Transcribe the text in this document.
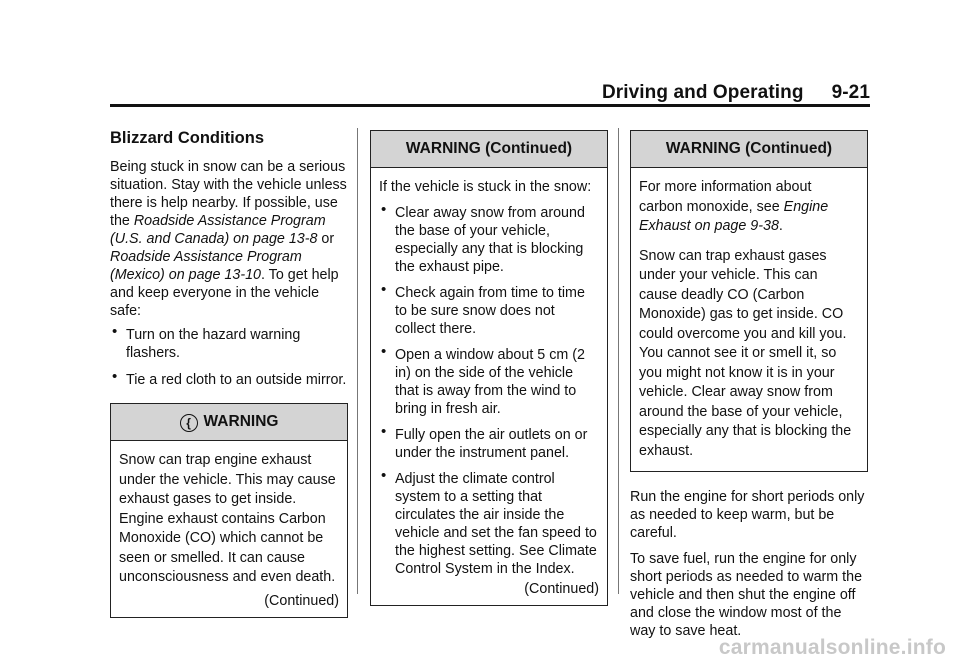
Driving and Operating 9-21
Blizzard Conditions

Being stuck in snow can be a serious situation. Stay with the vehicle unless there is help nearby. If possible, use the Roadside Assistance Program (U.S. and Canada) on page 13-8 or Roadside Assistance Program (Mexico) on page 13-10. To get help and keep everyone in the vehicle safe:

• Turn on the hazard warning flashers.
• Tie a red cloth to an outside mirror.
{ WARNING
Snow can trap engine exhaust under the vehicle. This may cause exhaust gases to get inside. Engine exhaust contains Carbon Monoxide (CO) which cannot be seen or smelled. It can cause unconsciousness and even death.
(Continued)
WARNING (Continued)
If the vehicle is stuck in the snow:
• Clear away snow from around the base of your vehicle, especially any that is blocking the exhaust pipe.
• Check again from time to time to be sure snow does not collect there.
• Open a window about 5 cm (2 in) on the side of the vehicle that is away from the wind to bring in fresh air.
• Fully open the air outlets on or under the instrument panel.
• Adjust the climate control system to a setting that circulates the air inside the vehicle and set the fan speed to the highest setting. See Climate Control System in the Index.
(Continued)
WARNING (Continued)

For more information about carbon monoxide, see Engine Exhaust on page 9-38.

Snow can trap exhaust gases under your vehicle. This can cause deadly CO (Carbon Monoxide) gas to get inside. CO could overcome you and kill you. You cannot see it or smell it, so you might not know it is in your vehicle. Clear away snow from around the base of your vehicle, especially any that is blocking the exhaust.

Run the engine for short periods only as needed to keep warm, but be careful.

To save fuel, run the engine for only short periods as needed to warm the vehicle and then shut the engine off and close the window most of the way to save heat.

carmanualsonline.info
